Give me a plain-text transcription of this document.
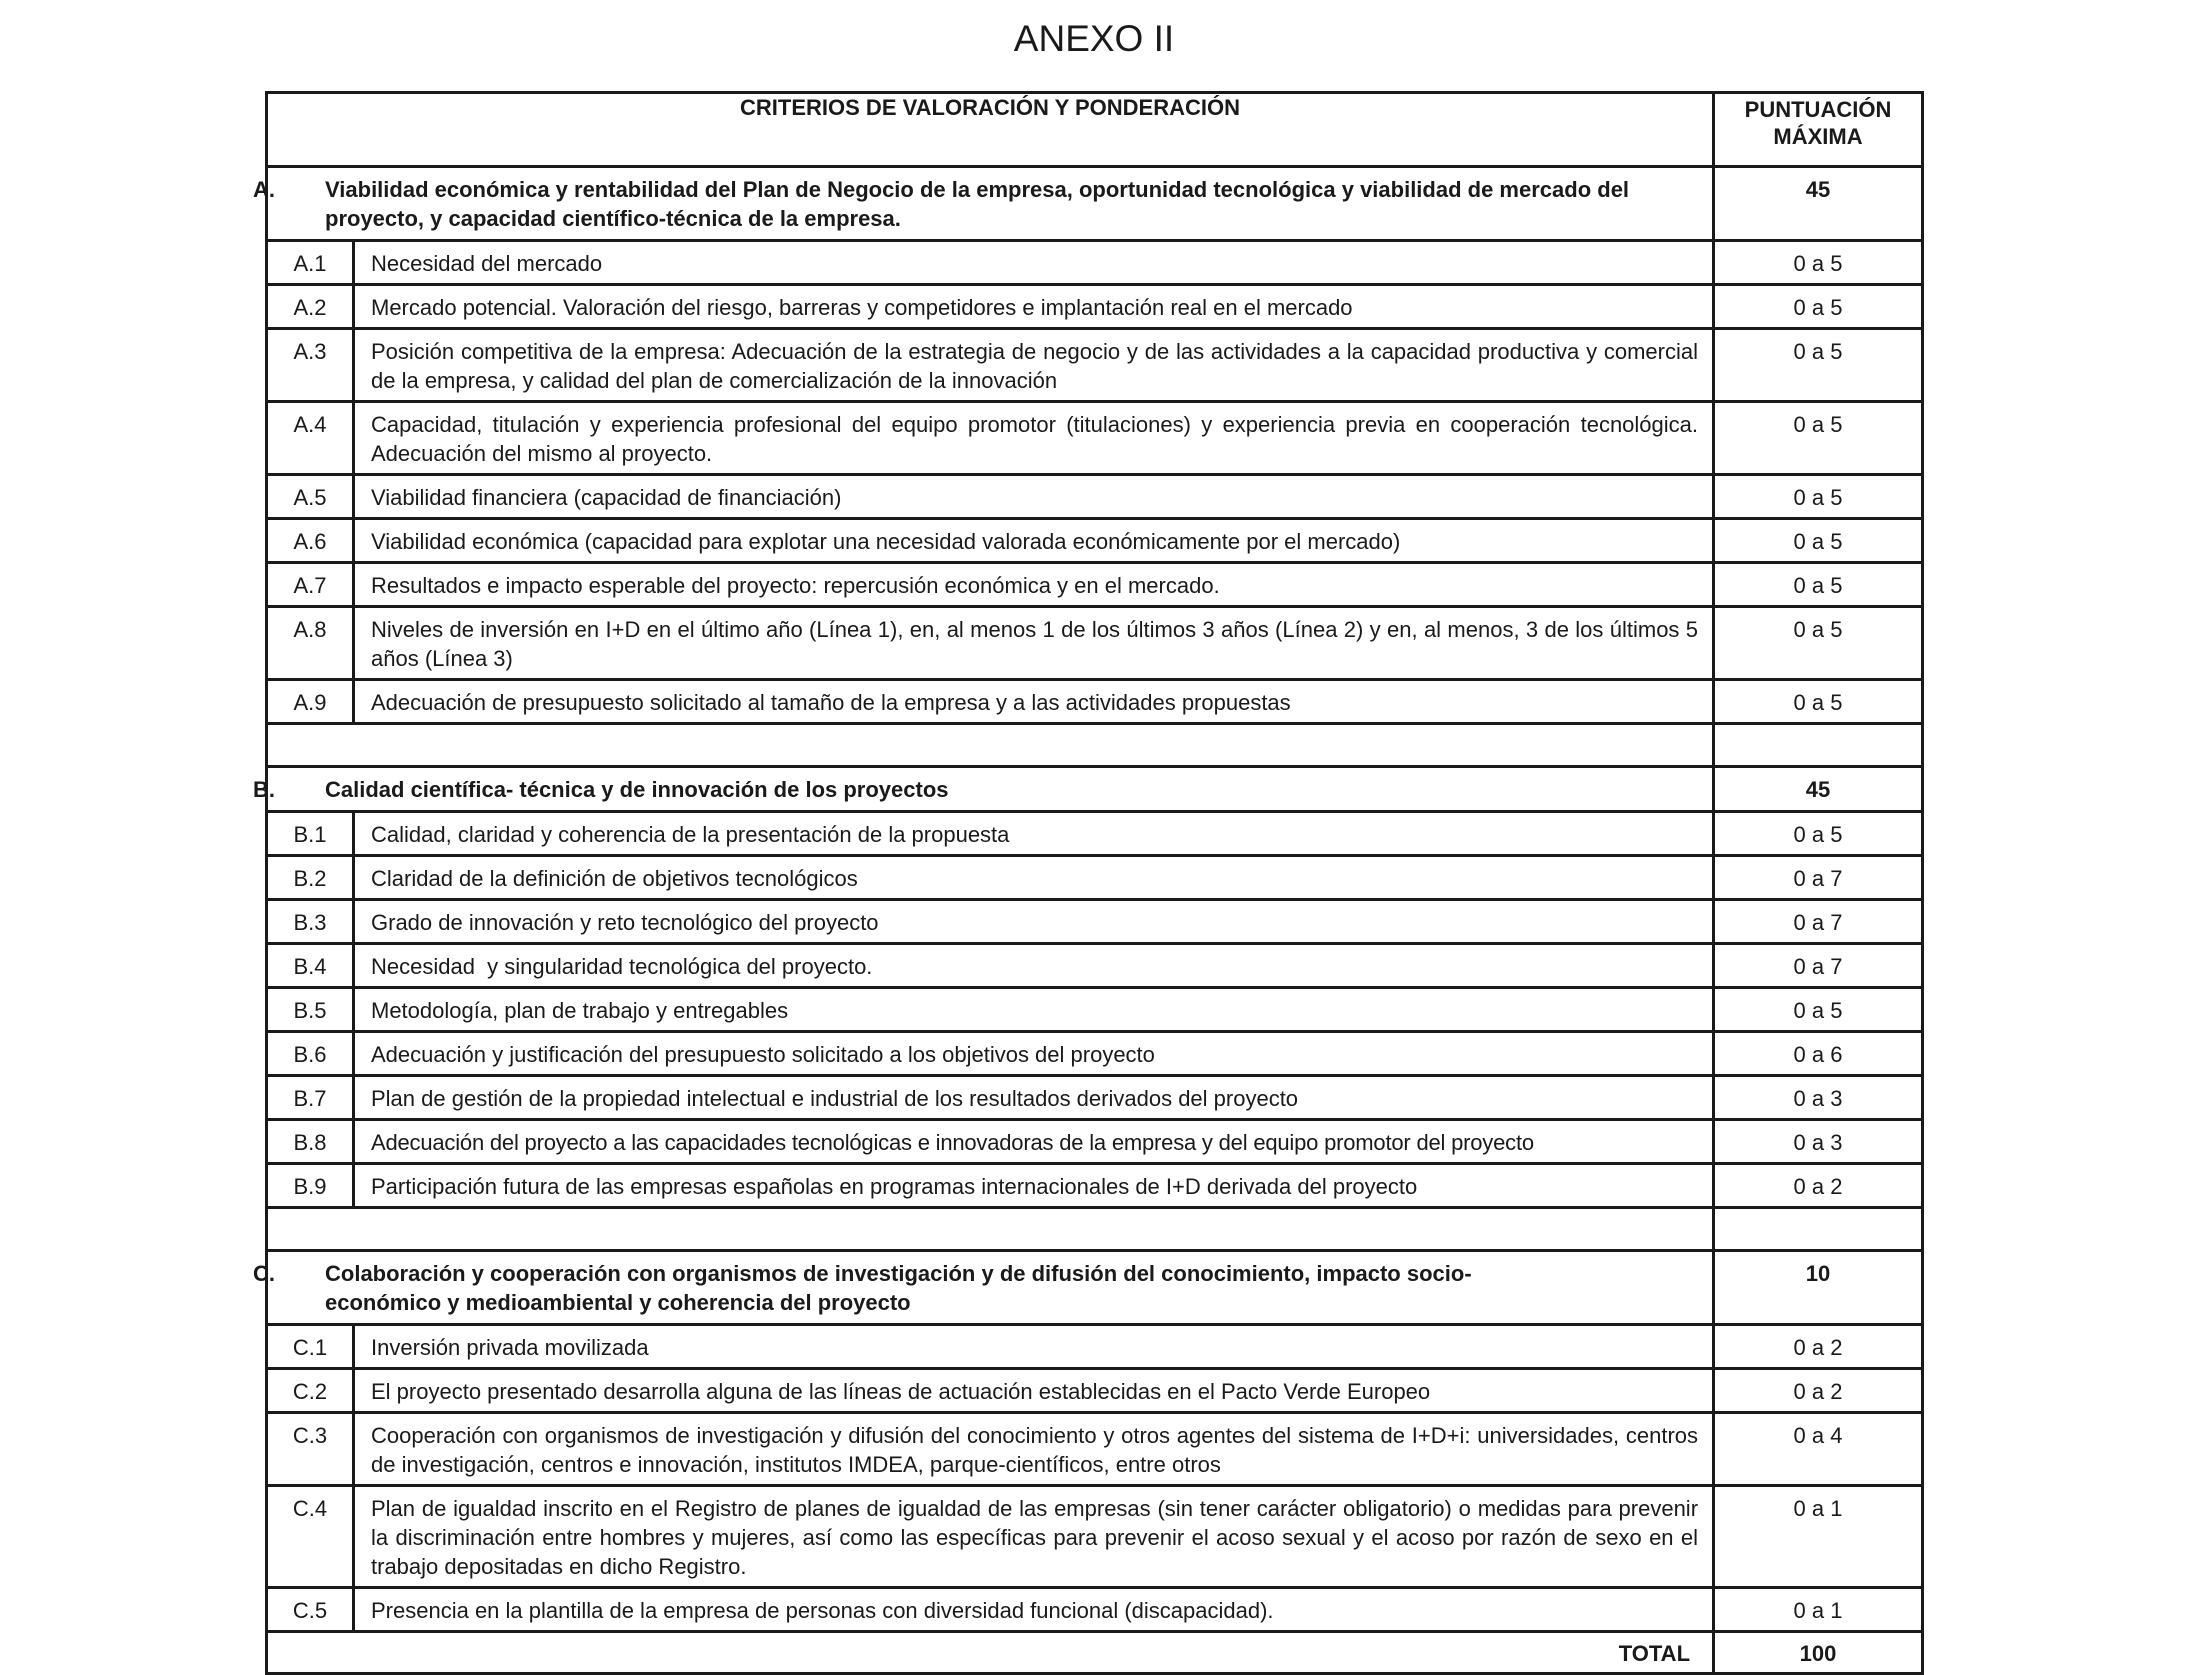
ANEXO II
CRITERIOS DE VALORACIÓN Y PONDERACIÓN		PUNTUACIÓN
MÁXIMA

A. Viabilidad económica y rentabilidad del Plan de Negocio de la empresa, oportunidad tecnológica y viabilidad de mercado del proyecto, y capacidad científico-técnica de la empresa.		45
A.1	Necesidad del mercado	0 a 5
A.2	Mercado potencial. Valoración del riesgo, barreras y competidores e implantación real en el mercado	0 a 5
A.3	Posición competitiva de la empresa: Adecuación de la estrategia de negocio y de las actividades a la capacidad productiva y comercial de la empresa, y calidad del plan de comercialización de la innovación	0 a 5
A.4	Capacidad, titulación y experiencia profesional del equipo promotor (titulaciones) y experiencia previa en cooperación tecnológica. Adecuación del mismo al proyecto.	0 a 5
A.5	Viabilidad financiera (capacidad de financiación)	0 a 5
A.6	Viabilidad económica (capacidad para explotar una necesidad valorada económicamente por el mercado)	0 a 5
A.7	Resultados e impacto esperable del proyecto: repercusión económica y en el mercado.	0 a 5
A.8	Niveles de inversión en I+D en el último año (Línea 1), en, al menos 1 de los últimos 3 años (Línea 2) y en, al menos, 3 de los últimos 5 años (Línea 3)	0 a 5
A.9	Adecuación de presupuesto solicitado al tamaño de la empresa y a las actividades propuestas	0 a 5

B. Calidad científica- técnica y de innovación de los proyectos		45
B.1	Calidad, claridad y coherencia de la presentación de la propuesta	0 a 5
B.2	Claridad de la definición de objetivos tecnológicos	0 a 7
B.3	Grado de innovación y reto tecnológico del proyecto	0 a 7
B.4	Necesidad  y singularidad tecnológica del proyecto.	0 a 7
B.5	Metodología, plan de trabajo y entregables	0 a 5
B.6	Adecuación y justificación del presupuesto solicitado a los objetivos del proyecto	0 a 6
B.7	Plan de gestión de la propiedad intelectual e industrial de los resultados derivados del proyecto	0 a 3
B.8	Adecuación del proyecto a las capacidades tecnológicas e innovadoras de la empresa y del equipo promotor del proyecto	0 a 3
B.9	Participación futura de las empresas españolas en programas internacionales de I+D derivada del proyecto	0 a 2

C. Colaboración y cooperación con organismos de investigación y de difusión del conocimiento, impacto socio-económico y medioambiental y coherencia del proyecto		10
C.1	Inversión privada movilizada	0 a 2
C.2	El proyecto presentado desarrolla alguna de las líneas de actuación establecidas en el Pacto Verde Europeo	0 a 2
C.3	Cooperación con organismos de investigación y difusión del conocimiento y otros agentes del sistema de I+D+i: universidades, centros de investigación, centros e innovación, institutos IMDEA, parque-científicos, entre otros	0 a 4
C.4	Plan de igualdad inscrito en el Registro de planes de igualdad de las empresas (sin tener carácter obligatorio) o medidas para prevenir la discriminación entre hombres y mujeres, así como las específicas para prevenir el acoso sexual y el acoso por razón de sexo en el trabajo depositadas en dicho Registro.	0 a 1
C.5	Presencia en la plantilla de la empresa de personas con diversidad funcional (discapacidad).	0 a 1
TOTAL		100
